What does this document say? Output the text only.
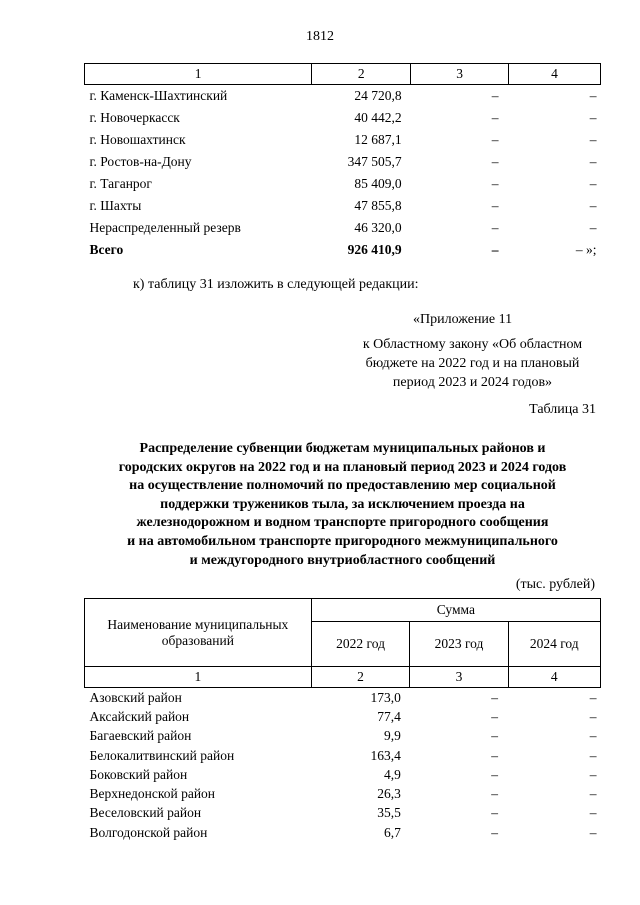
1812
1	2	3	4
г. Каменск-Шахтинский	24 720,8	–	–
г. Новочеркасск	40 442,2	–	–
г. Новошахтинск	12 687,1	–	–
г. Ростов-на-Дону	347 505,7	–	–
г. Таганрог	85 409,0	–	–
г. Шахты	47 855,8	–	–
Нераспределенный резерв	46 320,0	–	–
Всего	926 410,9	–	– »;
к) таблицу 31 изложить в следующей редакции:
«Приложение 11
к Областному закону «Об областном
бюджете на 2022 год и на плановый
период 2023 и 2024 годов»
Таблица 31
Распределение субвенции бюджетам муниципальных районов и
городских округов на 2022 год и на плановый период 2023 и 2024 годов
на осуществление полномочий по предоставлению мер социальной
поддержки тружеников тыла, за исключением проезда на
железнодорожном и водном транспорте пригородного сообщения
и на автомобильном транспорте пригородного межмуниципального
и междугородного внутриобластного сообщений
(тыс. рублей)
Наименование муниципальных
образований	Сумма		
	2022 год	2023 год	2024 год
1	2	3	4
Азовский район	173,0	–	–
Аксайский район	77,4	–	–
Багаевский район	9,9	–	–
Белокалитвинский район	163,4	–	–
Боковский район	4,9	–	–
Верхнедонской район	26,3	–	–
Веселовский район	35,5	–	–
Волгодонской район	6,7	–	–
